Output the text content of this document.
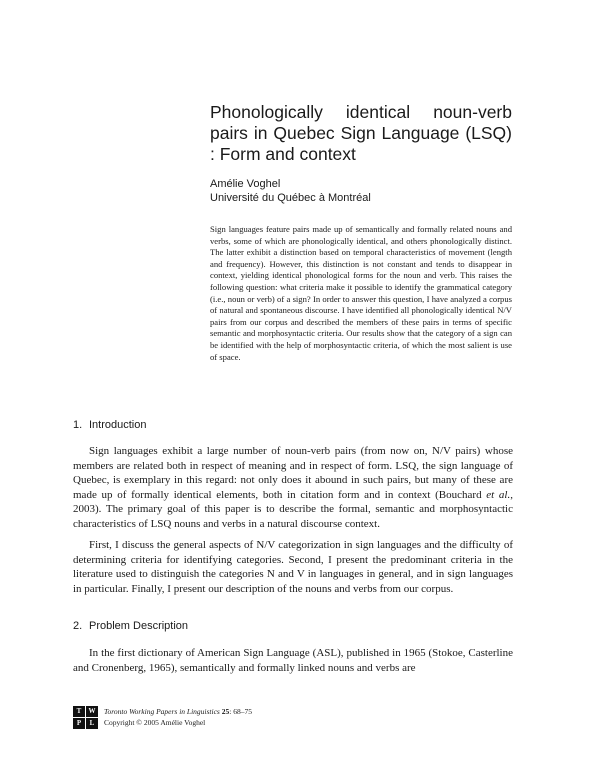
Phonologically identical noun-verb pairs in Quebec Sign Language (LSQ) : Form and context
Amélie Voghel
Université du Québec à Montréal

Sign languages feature pairs made up of semantically and formally related nouns and verbs, some of which are phonologically identical, and others phonologically distinct. The latter exhibit a distinction based on temporal characteristics of movement (length and frequency). However, this distinction is not constant and tends to disappear in context, yielding identical phonological forms for the noun and verb. This raises the following question: what criteria make it possible to identify the grammatical category (i.e., noun or verb) of a sign? In order to answer this question, I have analyzed a corpus of natural and spontaneous discourse. I have identified all phonologically identical N/V pairs from our corpus and described the members of these pairs in terms of specific semantic and morphosyntactic criteria. Our results show that the category of a sign can be identified with the help of morphosyntactic criteria, of which the most salient is use of space.

1. Introduction

Sign languages exhibit a large number of noun-verb pairs (from now on, N/V pairs) whose members are related both in respect of meaning and in respect of form. LSQ, the sign language of Quebec, is exemplary in this regard: not only does it abound in such pairs, but many of these are made up of formally identical elements, both in citation form and in context (Bouchard et al., 2003). The primary goal of this paper is to describe the formal, semantic and morphosyntactic characteristics of LSQ nouns and verbs in a natural discourse context.

First, I discuss the general aspects of N/V categorization in sign languages and the difficulty of determining criteria for identifying categories. Second, I present the predominant criteria in the literature used to distinguish the categories N and V in languages in general, and in sign languages in particular. Finally, I present our description of the nouns and verbs from our corpus.

2. Problem Description

In the first dictionary of American Sign Language (ASL), published in 1965 (Stokoe, Casterline and Cronenberg, 1965), semantically and formally linked nouns and verbs are

T	W
P	L
Toronto Working Papers in Linguistics 25: 68–75
Copyright © 2005 Amélie Voghel
